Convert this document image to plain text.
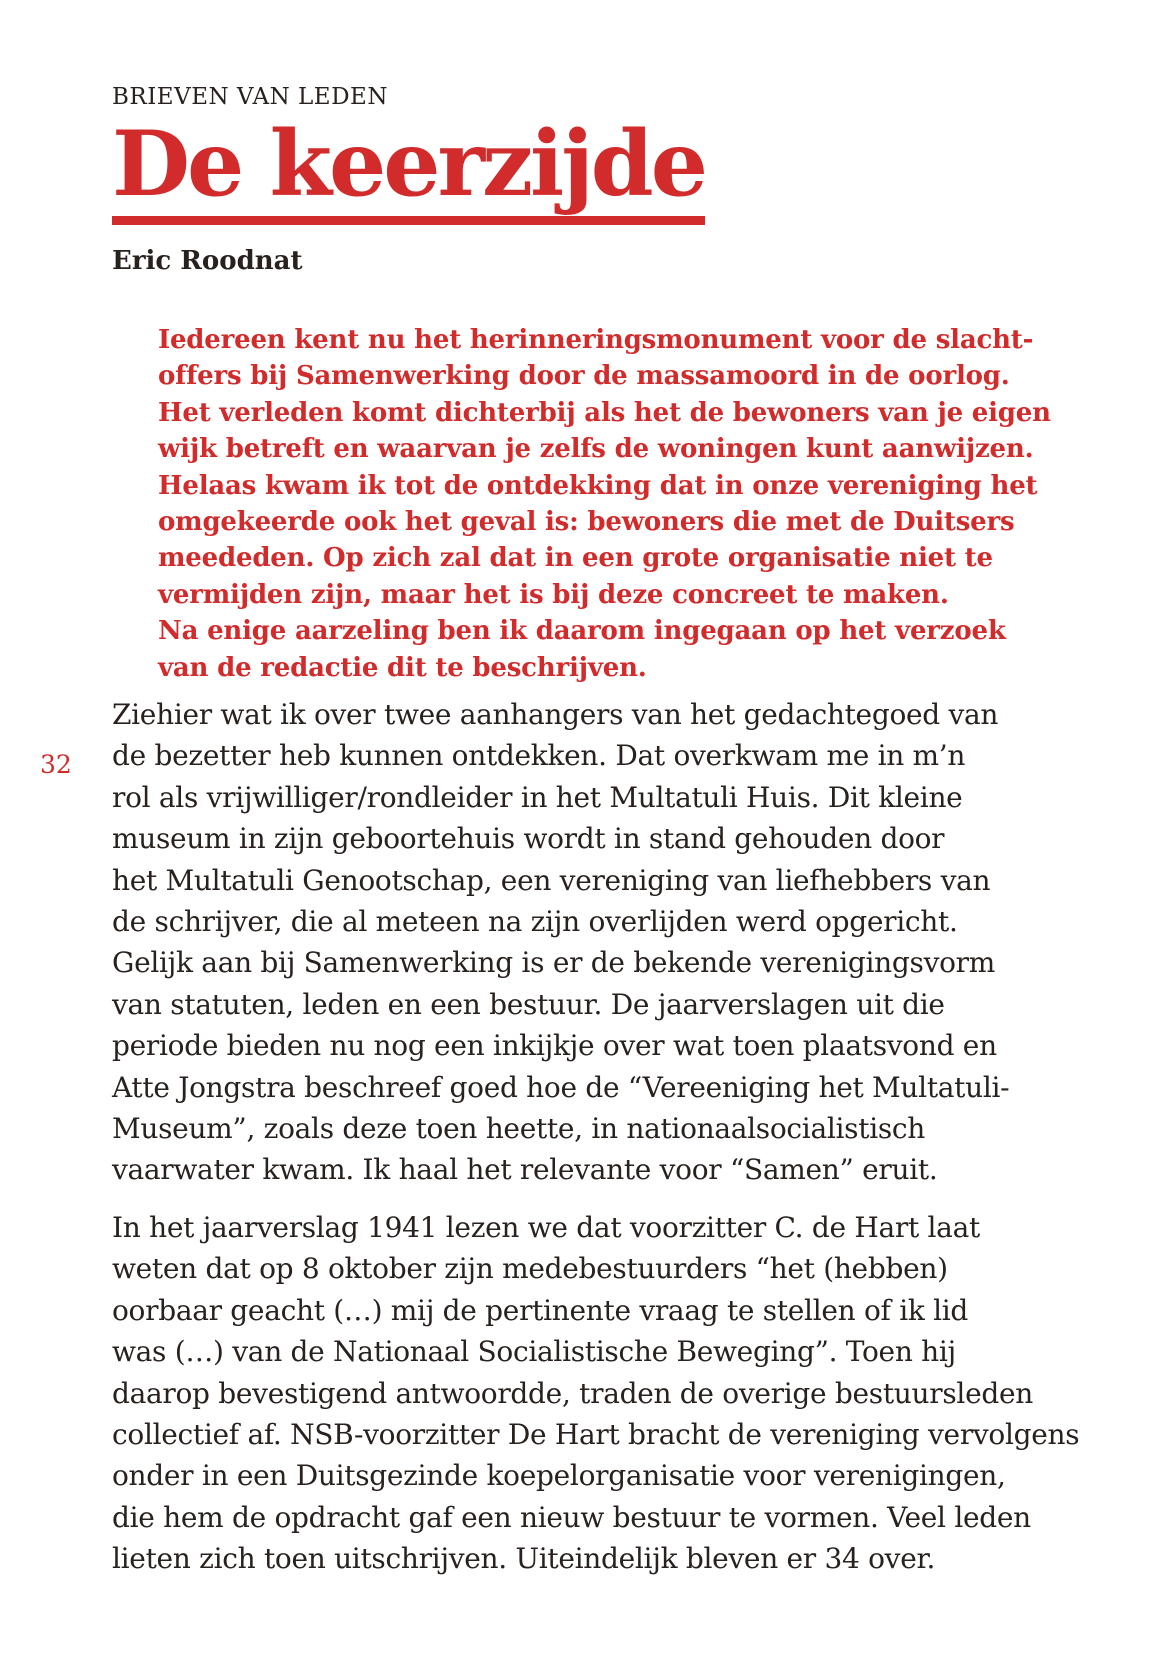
BRIEVEN VAN LEDEN
De keerzijde
Eric Roodnat
Iedereen kent nu het herinneringsmonument voor de slacht-
offers bij Samenwerking door de massamoord in de oorlog.
Het verleden komt dichterbij als het de bewoners van je eigen
wijk betreft en waarvan je zelfs de woningen kunt aanwijzen.
Helaas kwam ik tot de ontdekking dat in onze vereniging het
omgekeerde ook het geval is: bewoners die met de Duitsers
meededen. Op zich zal dat in een grote organisatie niet te
vermijden zijn, maar het is bij deze concreet te maken.
Na enige aarzeling ben ik daarom ingegaan op het verzoek
van de redactie dit te beschrijven.
32
Ziehier wat ik over twee aanhangers van het gedachtegoed van
de bezetter heb kunnen ontdekken. Dat overkwam me in m’n
rol als vrijwilliger/rondleider in het Multatuli Huis. Dit kleine
museum in zijn geboortehuis wordt in stand gehouden door
het Multatuli Genootschap, een vereniging van liefhebbers van
de schrijver, die al meteen na zijn overlijden werd opgericht.
Gelijk aan bij Samenwerking is er de bekende verenigingsvorm
van statuten, leden en een bestuur. De jaarverslagen uit die
periode bieden nu nog een inkijkje over wat toen plaatsvond en
Atte Jongstra beschreef goed hoe de “Vereeniging het Multatuli-
Museum”, zoals deze toen heette, in nationaalsocialistisch
vaarwater kwam. Ik haal het relevante voor “Samen” eruit.
In het jaarverslag 1941 lezen we dat voorzitter C. de Hart laat
weten dat op 8 oktober zijn medebestuurders “het (hebben)
oorbaar geacht (…) mij de pertinente vraag te stellen of ik lid
was (…) van de Nationaal Socialistische Beweging”. Toen hij
daarop bevestigend antwoordde, traden de overige bestuursleden
collectief af. NSB-voorzitter De Hart bracht de vereniging vervolgens
onder in een Duitsgezinde koepelorganisatie voor verenigingen,
die hem de opdracht gaf een nieuw bestuur te vormen. Veel leden
lieten zich toen uitschrijven. Uiteindelijk bleven er 34 over.
